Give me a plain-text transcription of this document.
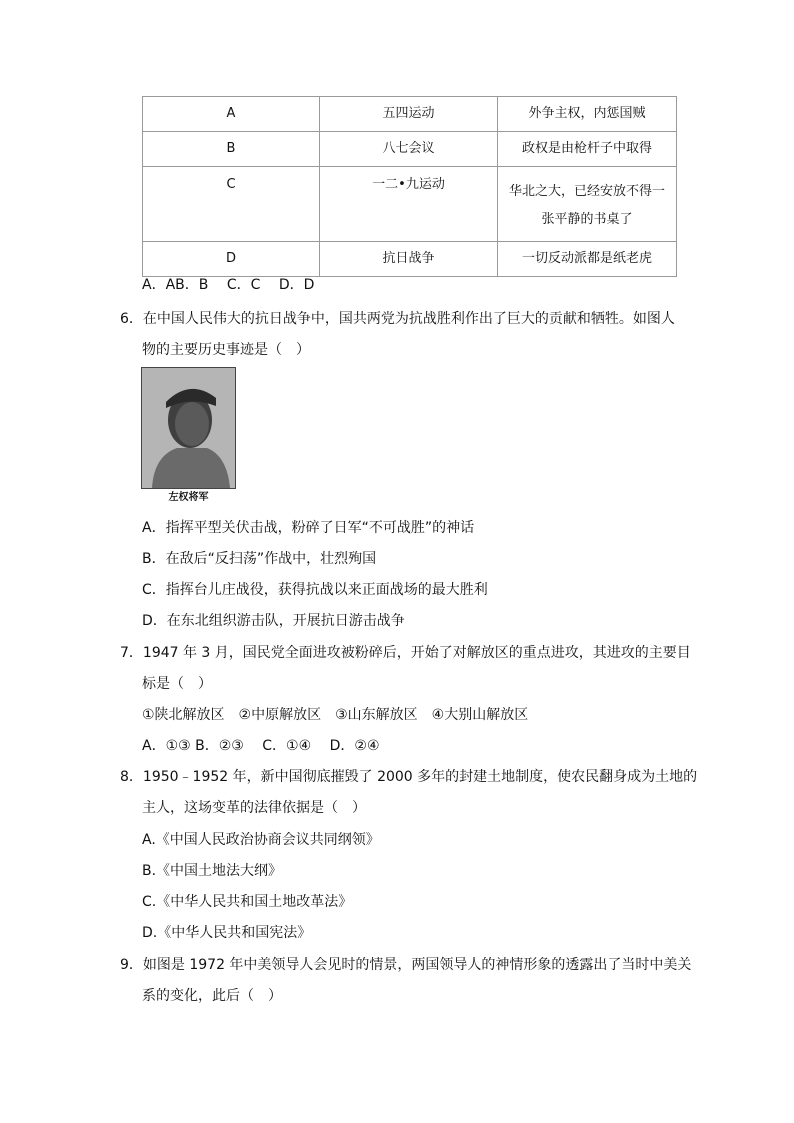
A	五四运动	外争主权，内惩国贼
B	八七会议	政权是由枪杆子中取得
C	一二•九运动	华北之大，已经安放不得一
张平静的书桌了

D	抗日战争	一切反动派都是纸老虎
A．AB．B　 C．C　 D．D
6．在中国人民伟大的抗日战争中，国共两党为抗战胜利作出了巨大的贡献和牺牲。如图人
物的主要历史事迹是（　）
左权将军
A．指挥平型关伏击战，粉碎了日军“不可战胜”的神话
B．在敌后“反扫荡”作战中，壮烈殉国
C．指挥台儿庄战役，获得抗战以来正面战场的最大胜利
D．在东北组织游击队，开展抗日游击战争
7．1947 年 3 月，国民党全面进攻被粉碎后，开始了对解放区的重点进攻，其进攻的主要目
标是（　）
①陕北解放区　②中原解放区　③山东解放区　④大别山解放区
A．①③ B．②③　 C．①④　 D．②④
8．1950﹣1952 年，新中国彻底摧毁了 2000 多年的封建土地制度，使农民翻身成为土地的
主人，这场变革的法律依据是（　）
A.《中国人民政治协商会议共同纲领》
B.《中国土地法大纲》
C.《中华人民共和国土地改革法》
D.《中华人民共和国宪法》
9．如图是 1972 年中美领导人会见时的情景，两国领导人的神情形象的透露出了当时中美关
系的变化，此后（　）
